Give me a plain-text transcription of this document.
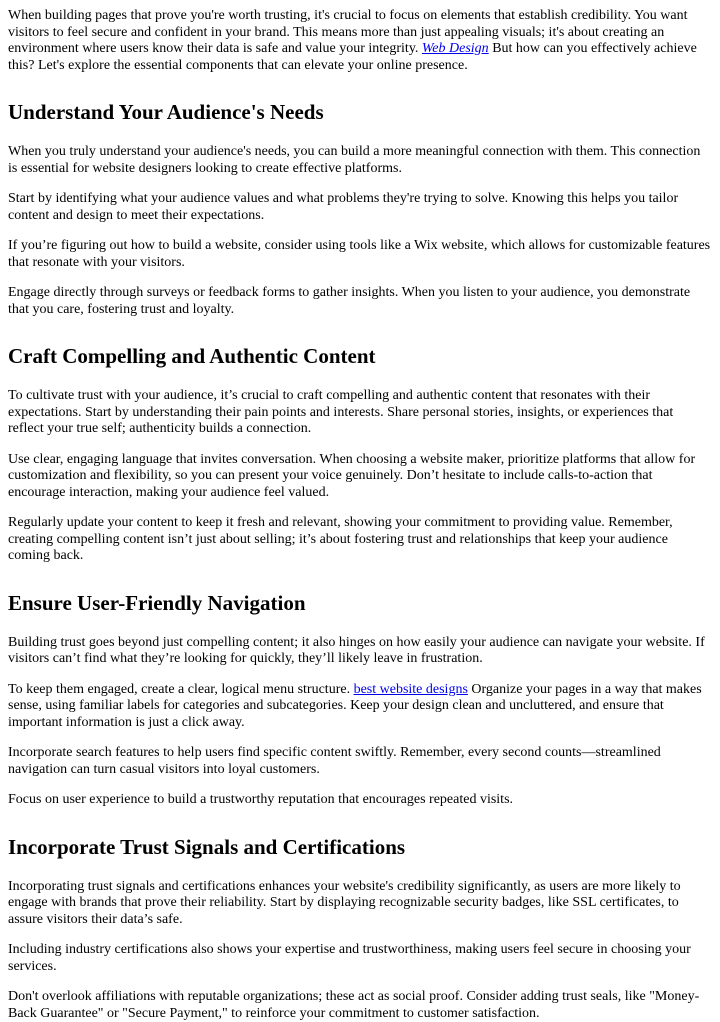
When building pages that prove you're worth trusting, it's crucial to focus on elements that establish credibility. You want visitors to feel secure and confident in your brand. This means more than just appealing visuals; it's about creating an environment where users know their data is safe and value your integrity. Web Design But how can you effectively achieve this? Let's explore the essential components that can elevate your online presence.

Understand Your Audience's Needs

When you truly understand your audience's needs, you can build a more meaningful connection with them. This connection is essential for website designers looking to create effective platforms.

Start by identifying what your audience values and what problems they're trying to solve. Knowing this helps you tailor content and design to meet their expectations.

If you’re figuring out how to build a website, consider using tools like a Wix website, which allows for customizable features that resonate with your visitors.

Engage directly through surveys or feedback forms to gather insights. When you listen to your audience, you demonstrate that you care, fostering trust and loyalty.

Craft Compelling and Authentic Content

To cultivate trust with your audience, it’s crucial to craft compelling and authentic content that resonates with their expectations. Start by understanding their pain points and interests. Share personal stories, insights, or experiences that reflect your true self; authenticity builds a connection.

Use clear, engaging language that invites conversation. When choosing a website maker, prioritize platforms that allow for customization and flexibility, so you can present your voice genuinely. Don’t hesitate to include calls-to-action that encourage interaction, making your audience feel valued.

Regularly update your content to keep it fresh and relevant, showing your commitment to providing value. Remember, creating compelling content isn’t just about selling; it’s about fostering trust and relationships that keep your audience coming back.

Ensure User-Friendly Navigation

Building trust goes beyond just compelling content; it also hinges on how easily your audience can navigate your website. If visitors can’t find what they’re looking for quickly, they’ll likely leave in frustration.

To keep them engaged, create a clear, logical menu structure. best website designs Organize your pages in a way that makes sense, using familiar labels for categories and subcategories. Keep your design clean and uncluttered, and ensure that important information is just a click away.

Incorporate search features to help users find specific content swiftly. Remember, every second counts—streamlined navigation can turn casual visitors into loyal customers.

Focus on user experience to build a trustworthy reputation that encourages repeated visits.

Incorporate Trust Signals and Certifications

Incorporating trust signals and certifications enhances your website's credibility significantly, as users are more likely to engage with brands that prove their reliability. Start by displaying recognizable security badges, like SSL certificates, to assure visitors their data’s safe.

Including industry certifications also shows your expertise and trustworthiness, making users feel secure in choosing your services.

Don't overlook affiliations with reputable organizations; these act as social proof. Consider adding trust seals, like "Money-Back Guarantee" or "Secure Payment," to reinforce your commitment to customer satisfaction.
